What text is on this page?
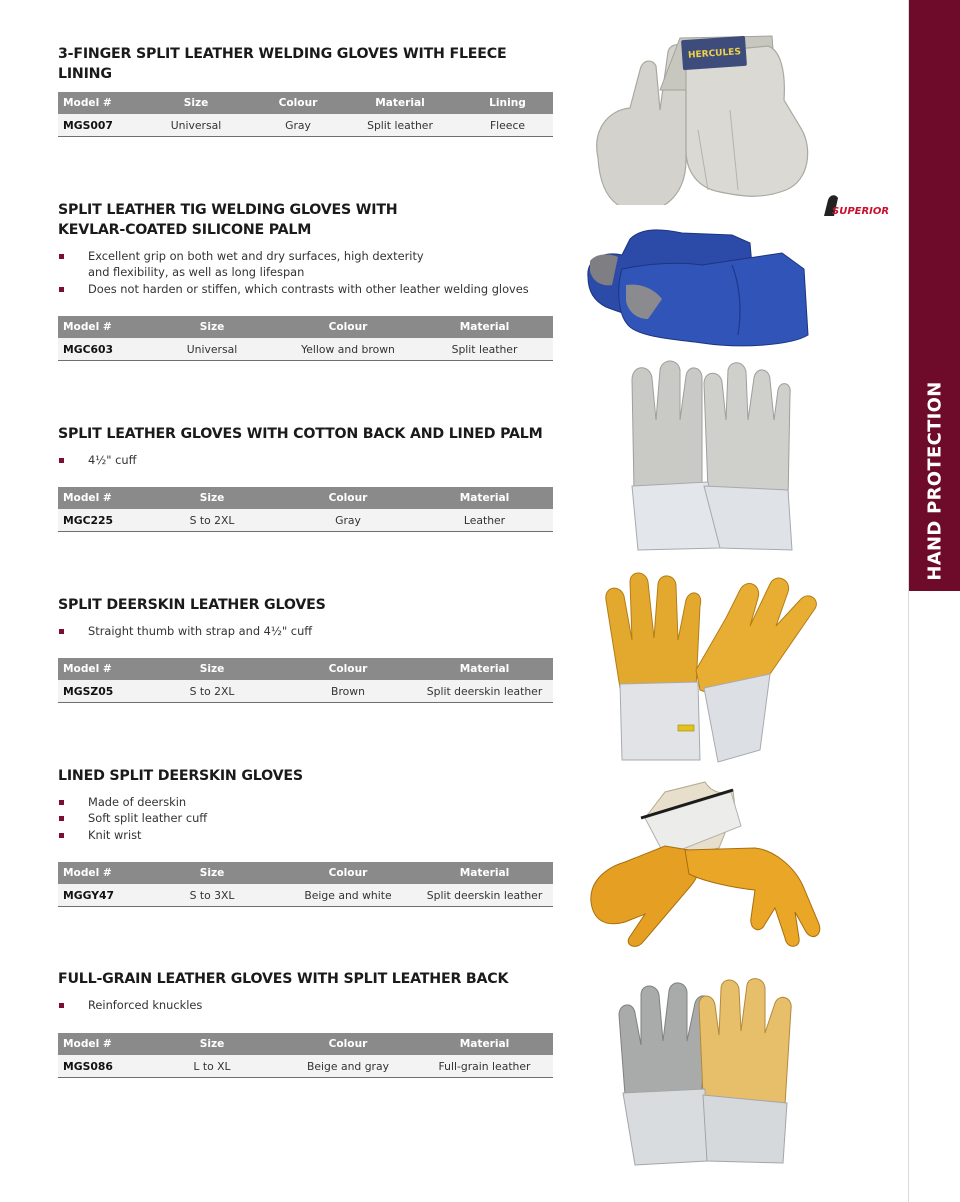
HAND PROTECTION
3-FINGER SPLIT LEATHER WELDING GLOVES WITH FLEECE LINING
Model #	Size	Colour	Material	Lining
MGS007	Universal	Gray	Split leather	Fleece
SPLIT LEATHER TIG WELDING GLOVES WITH
KEVLAR-COATED SILICONE PALM
Excellent grip on both wet and dry surfaces, high dexterity
and flexibility, as well as long lifespan
Does not harden or stiffen, which contrasts with other leather welding gloves
Model #	Size	Colour	Material
MGC603	Universal	Yellow and brown	Split leather
SPLIT LEATHER GLOVES WITH COTTON BACK AND LINED PALM
4½" cuff
Model #	Size	Colour	Material
MGC225	S to 2XL	Gray	Leather
SPLIT DEERSKIN LEATHER GLOVES
Straight thumb with strap and 4½" cuff
Model #	Size	Colour	Material
MGSZ05	S to 2XL	Brown	Split deerskin leather
LINED SPLIT DEERSKIN GLOVES
Made of deerskin
Soft split leather cuff
Knit wrist
Model #	Size	Colour	Material
MGGY47	S to 3XL	Beige and white	Split deerskin leather
FULL-GRAIN LEATHER GLOVES WITH SPLIT LEATHER BACK
Reinforced knuckles
Model #	Size	Colour	Material
MGS086	L to XL	Beige and gray	Full-grain leather
HERCULES
SUPERIOR
